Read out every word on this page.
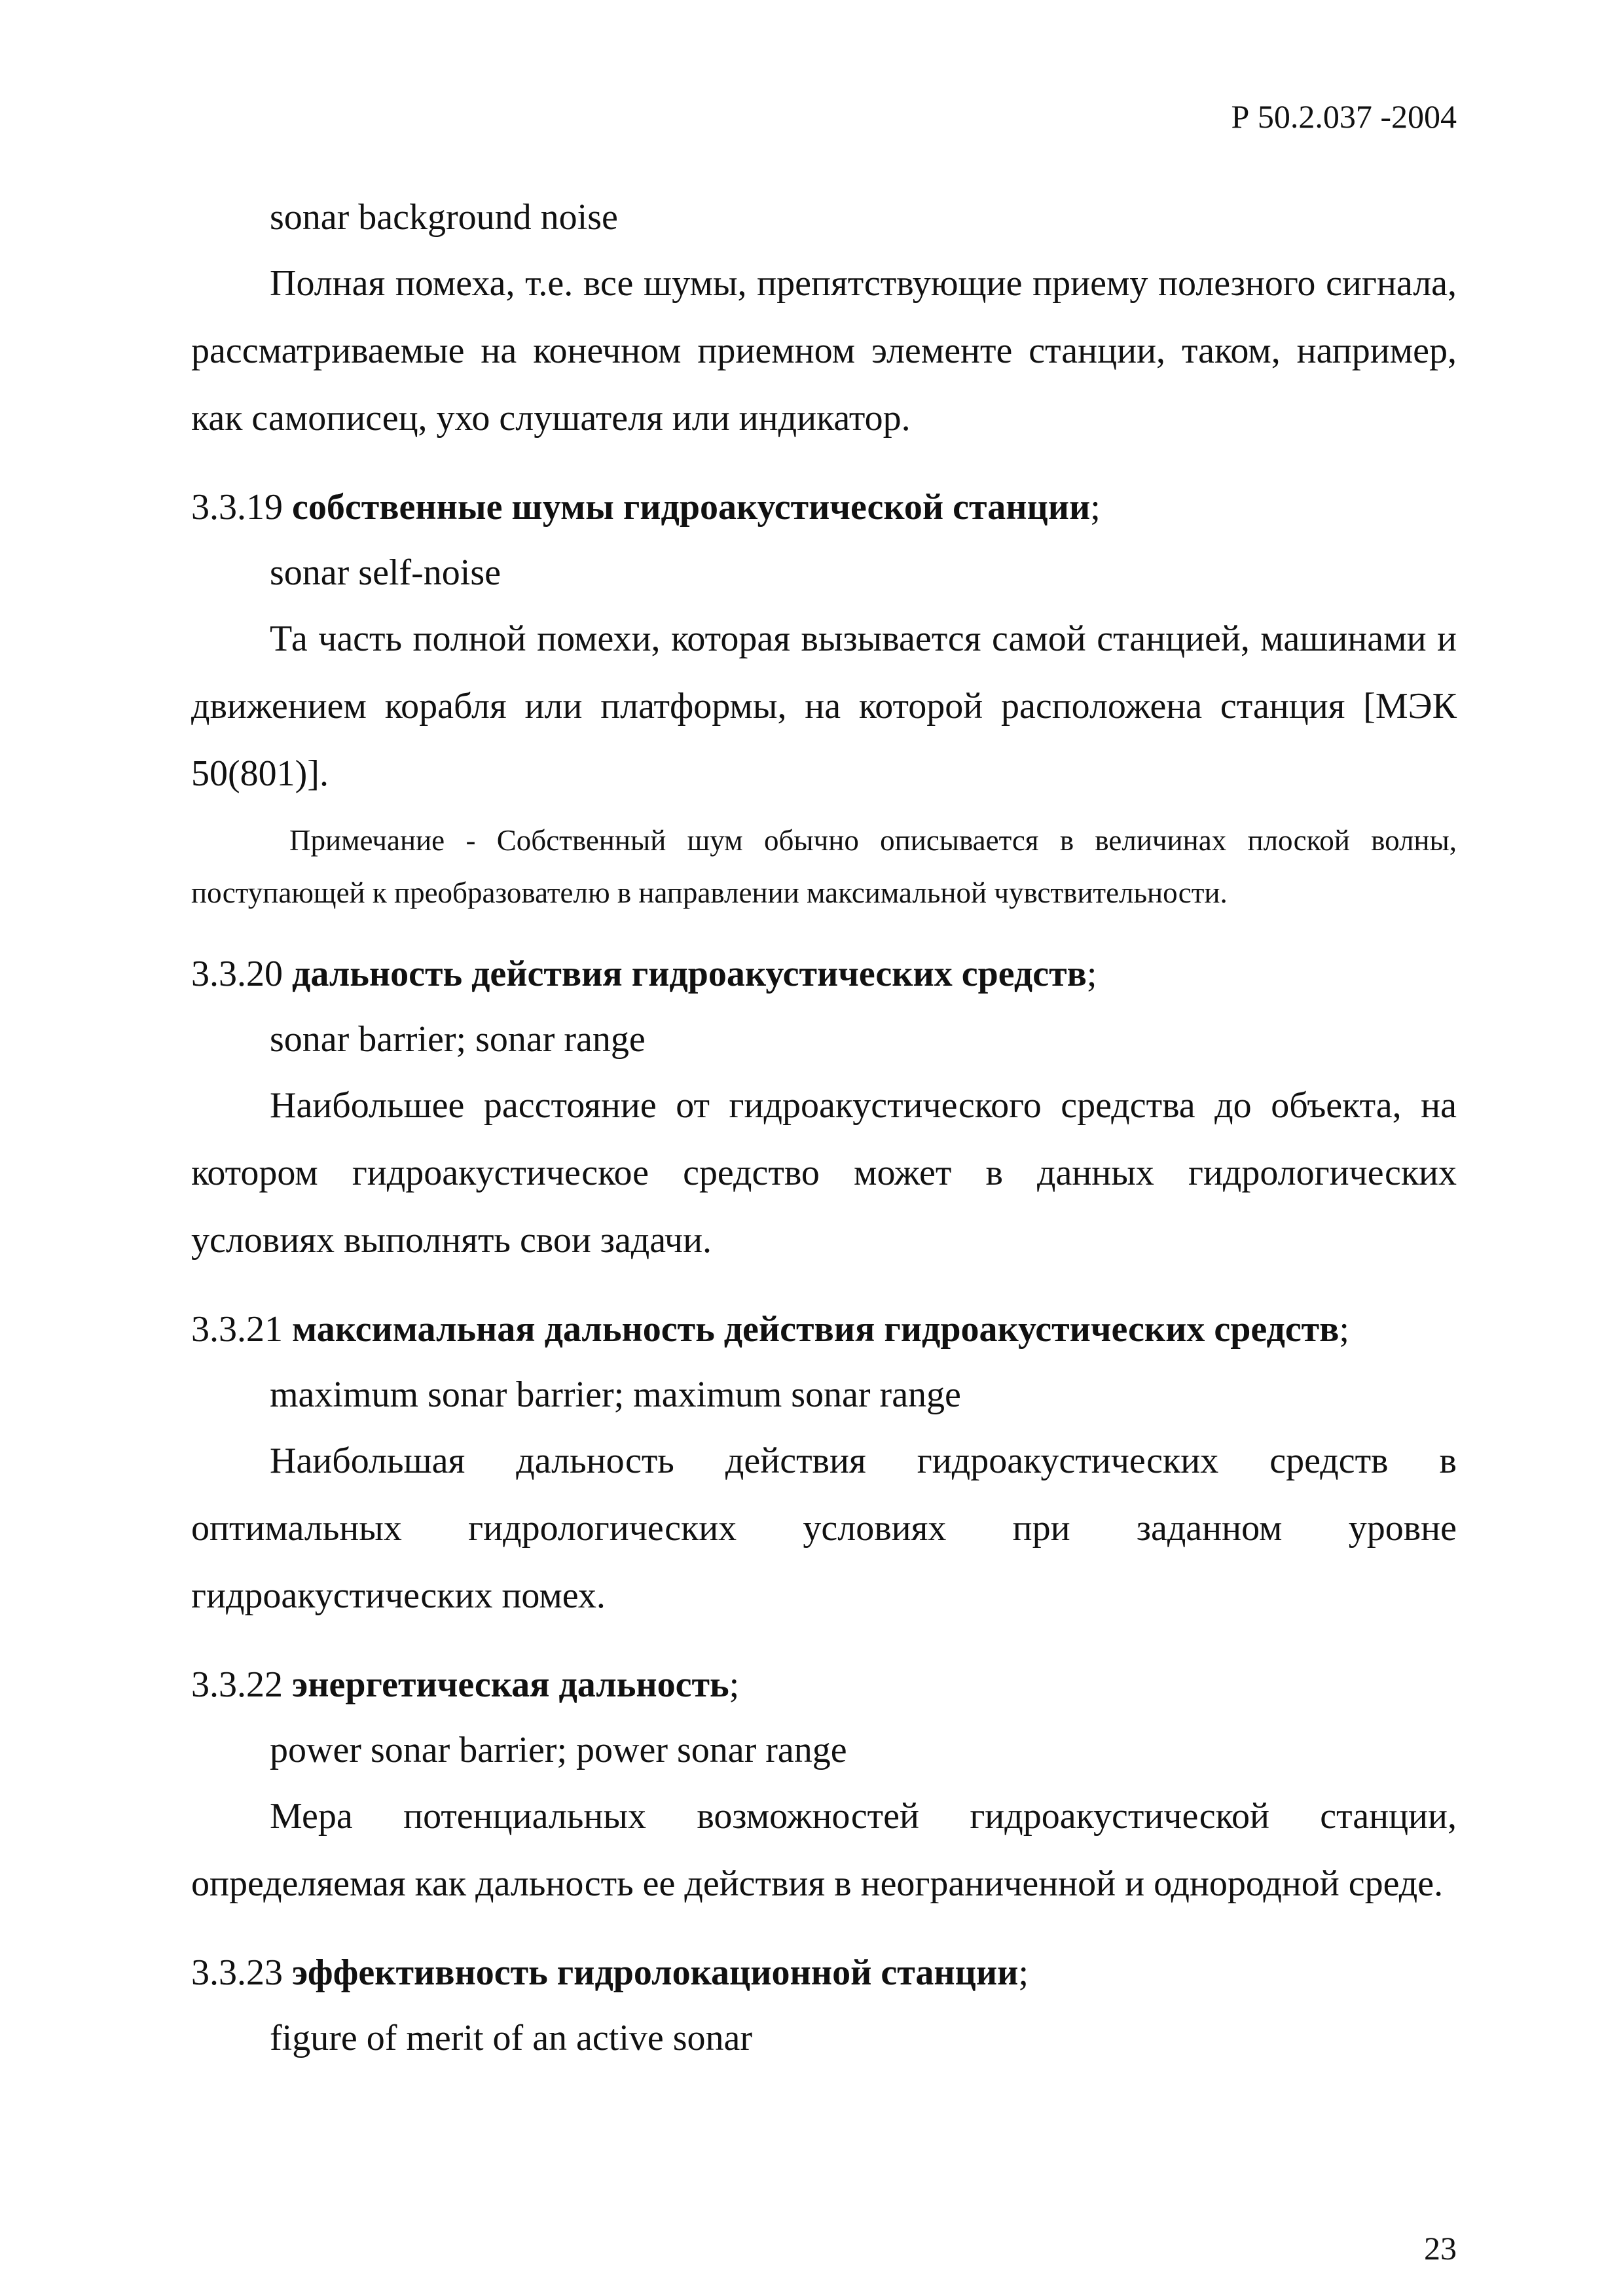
Р 50.2.037 -2004

sonar background noise

Полная помеха, т.е. все шумы, препятствующие приему полезного сигнала, рассматриваемые на конечном приемном элементе станции, таком, например, как самописец, ухо слушателя или индикатор.

3.3.19 собственные шумы гидроакустической станции;

sonar self-noise

Та часть полной помехи, которая вызывается самой станцией, машинами и движением корабля или платформы, на которой расположена станция [МЭК 50(801)].

Примечание - Собственный шум обычно описывается в величинах плоской волны, поступающей к преобразователю в направлении максимальной чувствительности.

3.3.20 дальность действия гидроакустических средств;

sonar barrier; sonar range

Наибольшее расстояние от гидроакустического средства до объекта, на котором гидроакустическое средство может в данных гидрологических условиях выполнять свои задачи.

3.3.21 максимальная дальность действия гидроакустических средств;

maximum sonar barrier; maximum sonar range

Наибольшая дальность действия гидроакустических средств в оптимальных гидрологических условиях при заданном уровне гидроакустических помех.

3.3.22 энергетическая дальность;

power sonar barrier; power sonar range

Мера потенциальных возможностей гидроакустической станции, определяемая как дальность ее действия в неограниченной и однородной среде.

3.3.23 эффективность гидролокационной станции;

figure of merit of an active sonar

23
